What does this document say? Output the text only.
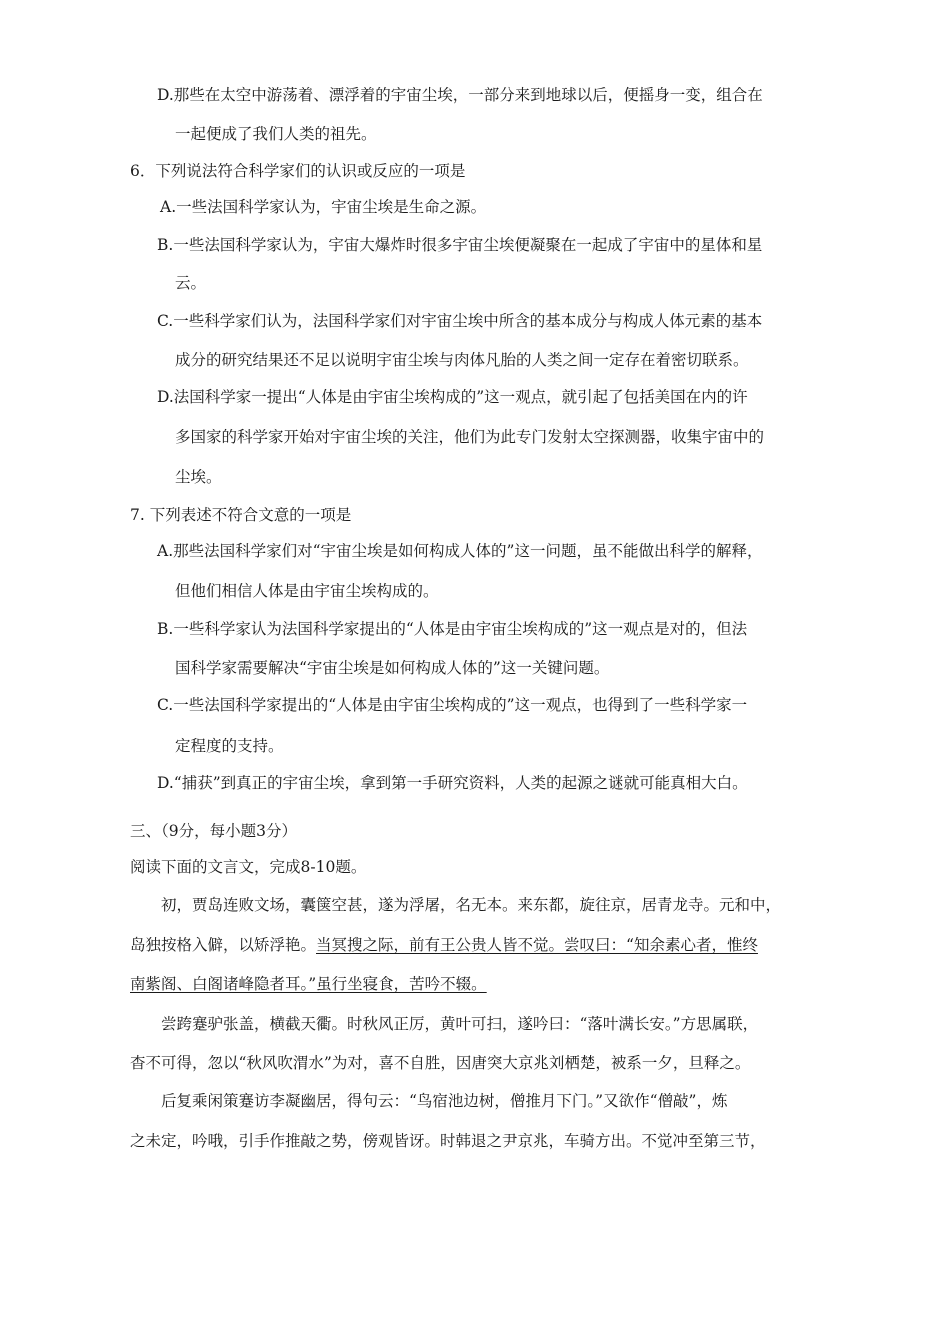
D.那些在太空中游荡着、漂浮着的宇宙尘埃，一部分来到地球以后，便摇身一变，组合在
一起便成了我们人类的祖先。
6．下列说法符合科学家们的认识或反应的一项是
A.一些法国科学家认为，宇宙尘埃是生命之源。
B.一些法国科学家认为，宇宙大爆炸时很多宇宙尘埃便凝聚在一起成了宇宙中的星体和星
云。
C.一些科学家们认为，法国科学家们对宇宙尘埃中所含的基本成分与构成人体元素的基本
成分的研究结果还不足以说明宇宙尘埃与肉体凡胎的人类之间一定存在着密切联系。
D.法国科学家一提出“人体是由宇宙尘埃构成的”这一观点，就引起了包括美国在内的许
多国家的科学家开始对宇宙尘埃的关注，他们为此专门发射太空探测器，收集宇宙中的
尘埃。
7. 下列表述不符合文意的一项是
A.那些法国科学家们对“宇宙尘埃是如何构成人体的”这一问题，虽不能做出科学的解释，
但他们相信人体是由宇宙尘埃构成的。
B.一些科学家认为法国科学家提出的“人体是由宇宙尘埃构成的”这一观点是对的，但法
国科学家需要解决“宇宙尘埃是如何构成人体的”这一关键问题。
C.一些法国科学家提出的“人体是由宇宙尘埃构成的”这一观点，也得到了一些科学家一
定程度的支持。
D.“捕获”到真正的宇宙尘埃，拿到第一手研究资料，人类的起源之谜就可能真相大白。
三、（9分，每小题3分）
阅读下面的文言文，完成8-10题。
初，贾岛连败文场，囊箧空甚，遂为浮屠，名无本。来东都，旋往京，居青龙寺。元和中，
岛独按格入僻，以矫浮艳。当冥搜之际，前有王公贵人皆不觉。尝叹曰：“知余素心者，惟终
南紫阁、白阁诸峰隐者耳。”虽行坐寝食，苦吟不辍。
尝跨蹇驴张盖，横截天衢。时秋风正厉，黄叶可扫，遂吟曰：“落叶满长安。”方思属联，
杳不可得，忽以“秋风吹渭水”为对，喜不自胜，因唐突大京兆刘栖楚，被系一夕，旦释之。
后复乘闲策蹇访李凝幽居，得句云：“鸟宿池边树，僧推月下门。”又欲作“僧敲”，炼
之未定，吟哦，引手作推敲之势，傍观皆讶。时韩退之尹京兆，车骑方出。不觉冲至第三节，
